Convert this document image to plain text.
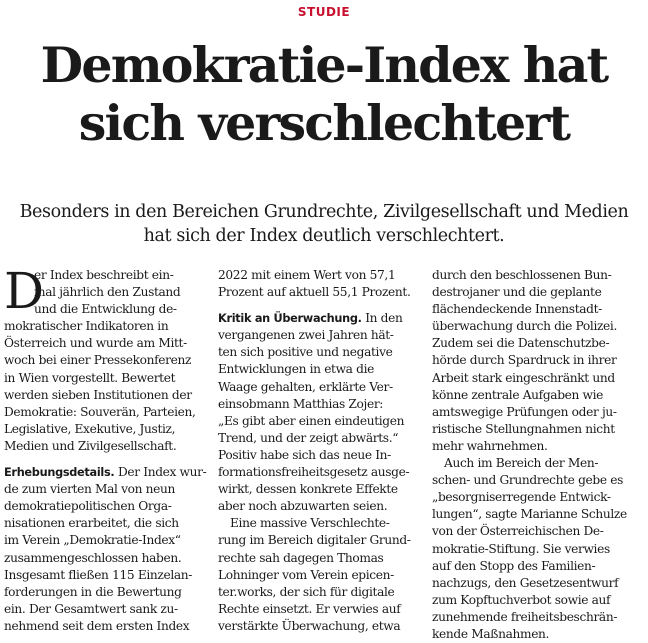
STUDIE
Demokratie-Index hat
sich verschlechtert

Besonders in den Bereichen Grundrechte, Zivilgesellschaft und Medien
hat sich der Index deutlich verschlechtert.

D
er Index beschreibt ein-
mal jährlich den Zustand
und die Entwicklung de-
mokratischer Indikatoren in
Österreich und wurde am Mitt-
woch bei einer Pressekonferenz
in Wien vorgestellt. Bewertet
werden sieben Institutionen der
Demokratie: Souverän, Parteien,
Legislative, Exekutive, Justiz,
Medien und Zivilgesellschaft.
Erhebungsdetails. Der Index wur-
de zum vierten Mal von neun
demokratiepolitischen Orga-
nisationen erarbeitet, die sich
im Verein „Demokratie-Index“
zusammengeschlossen haben.
Insgesamt fließen 115 Einzelan-
forderungen in die Bewertung
ein. Der Gesamtwert sank zu-
nehmend seit dem ersten Index
2022 mit einem Wert von 57,1
Prozent auf aktuell 55,1 Prozent.
Kritik an Überwachung. In den
vergangenen zwei Jahren hät-
ten sich positive und negative
Entwicklungen in etwa die
Waage gehalten, erklärte Ver-
einsobmann Matthias Zojer:
„Es gibt aber einen eindeutigen
Trend, und der zeigt abwärts.“
Positiv habe sich das neue In-
formationsfreiheitsgesetz ausge-
wirkt, dessen konkrete Effekte
aber noch abzuwarten seien.
Eine massive Verschlechte-
rung im Bereich digitaler Grund-
rechte sah dagegen Thomas
Lohninger vom Verein epicen-
ter.works, der sich für digitale
Rechte einsetzt. Er verwies auf
verstärkte Überwachung, etwa
durch den beschlossenen Bun-
destrojaner und die geplante
flächendeckende Innenstadt-
überwachung durch die Polizei.
Zudem sei die Datenschutzbe-
hörde durch Spardruck in ihrer
Arbeit stark eingeschränkt und
könne zentrale Aufgaben wie
amtswegige Prüfungen oder ju-
ristische Stellungnahmen nicht
mehr wahrnehmen.
Auch im Bereich der Men-
schen- und Grundrechte gebe es
„besorgniserregende Entwick-
lungen“, sagte Marianne Schulze
von der Österreichischen De-
mokratie-Stiftung. Sie verwies
auf den Stopp des Familien-
nachzugs, den Gesetzesentwurf
zum Kopftuchverbot sowie auf
zunehmende freiheitsbeschrän-
kende Maßnahmen.
